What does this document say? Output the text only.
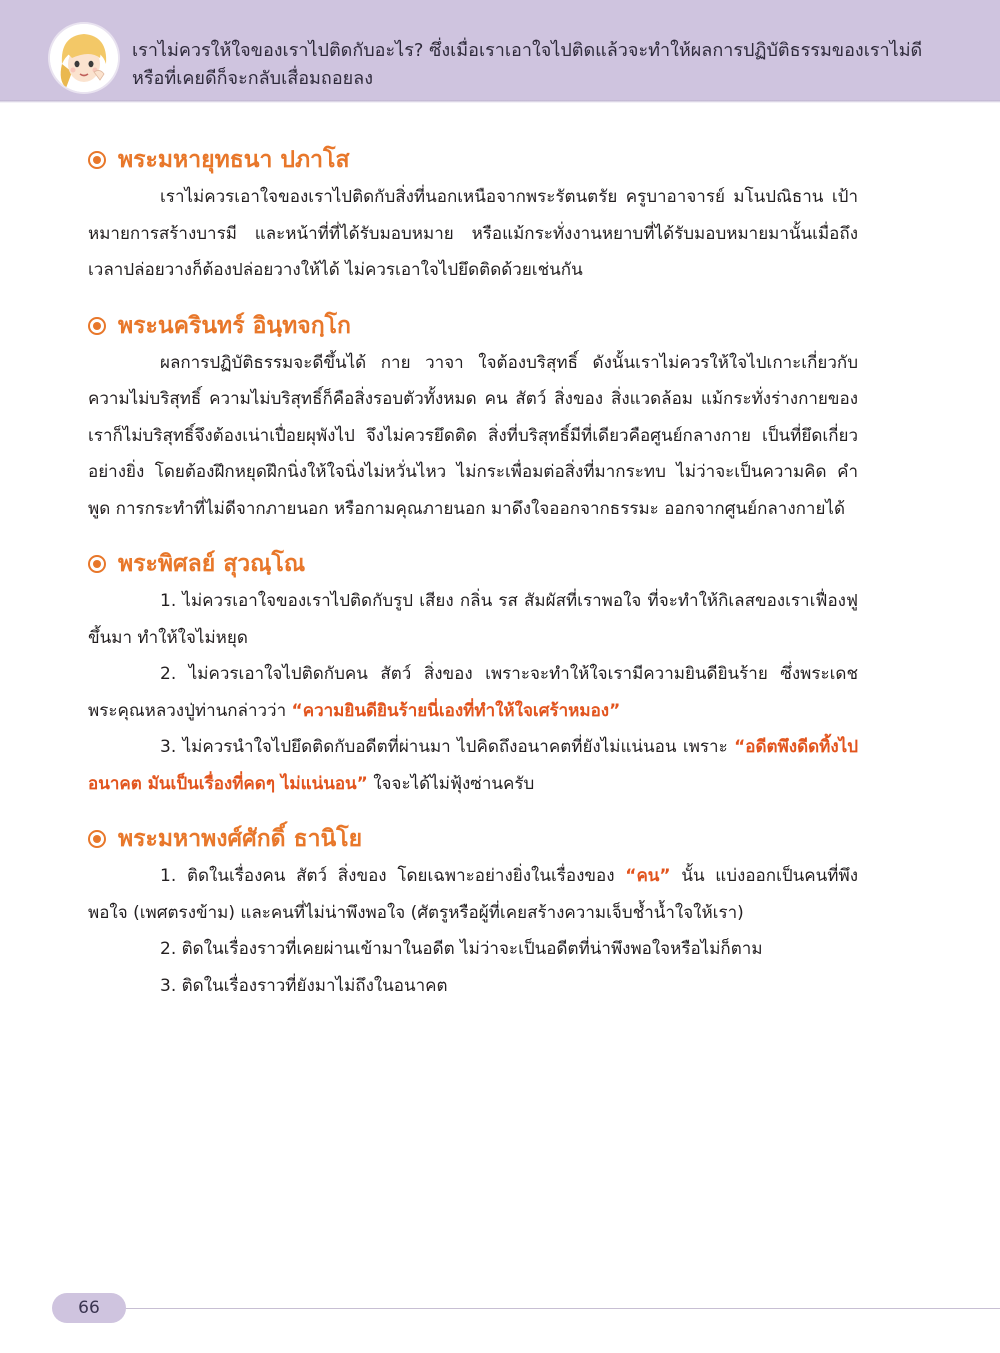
เราไม่ควรให้ใจของเราไปติดกับอะไร? ซึ่งเมื่อเราเอาใจไปติดแล้วจะทำให้ผลการปฏิบัติธรรมของเราไม่ดี
หรือที่เคยดีก็จะกลับเสื่อมถอยลง
พระมหายุทธนา ปภาโส

เราไม่ควรเอาใจของเราไปติดกับสิ่งที่นอกเหนือจากพระรัตนตรัย ครูบาอาจารย์ มโนปณิธาน เป้าหมายการสร้างบารมี และหน้าที่ที่ได้รับมอบหมาย หรือแม้กระทั่งงานหยาบที่ได้รับมอบหมายมานั้นเมื่อถึงเวลาปล่อยวางก็ต้องปล่อยวางให้ได้ ไม่ควรเอาใจไปยึดติดด้วยเช่นกัน

พระนครินทร์ อินฺทจกฺโก

ผลการปฏิบัติธรรมจะดีขึ้นได้ กาย วาจา ใจต้องบริสุทธิ์ ดังนั้นเราไม่ควรให้ใจไปเกาะเกี่ยวกับความไม่บริสุทธิ์ ความไม่บริสุทธิ์ก็คือสิ่งรอบตัวทั้งหมด คน สัตว์ สิ่งของ สิ่งแวดล้อม แม้กระทั่งร่างกายของเราก็ไม่บริสุทธิ์จึงต้องเน่าเปื่อยผุพังไป จึงไม่ควรยึดติด สิ่งที่บริสุทธิ์มีที่เดียวคือศูนย์กลางกาย เป็นที่ยึดเกี่ยวอย่างยิ่ง โดยต้องฝึกหยุดฝึกนิ่งให้ใจนิ่งไม่หวั่นไหว ไม่กระเพื่อมต่อสิ่งที่มากระทบ ไม่ว่าจะเป็นความคิด คำพูด การกระทำที่ไม่ดีจากภายนอก หรือกามคุณภายนอก มาดึงใจออกจากธรรมะ ออกจากศูนย์กลางกายได้

พระพิศลย์ สุวณฺโณ

1. ไม่ควรเอาใจของเราไปติดกับรูป เสียง กลิ่น รส สัมผัสที่เราพอใจ ที่จะทำให้กิเลสของเราเฟื่องฟูขึ้นมา ทำให้ใจไม่หยุด

2. ไม่ควรเอาใจไปติดกับคน สัตว์ สิ่งของ เพราะจะทำให้ใจเรามีความยินดียินร้าย ซึ่งพระเดชพระคุณหลวงปู่ท่านกล่าวว่า “ความยินดียินร้ายนี่เองที่ทำให้ใจเศร้าหมอง”

3. ไม่ควรนำใจไปยึดติดกับอดีตที่ผ่านมา ไปคิดถึงอนาคตที่ยังไม่แน่นอน เพราะ “อดีตพึงดีดทิ้งไป อนาคต มันเป็นเรื่องที่คดๆ ไม่แน่นอน” ใจจะได้ไม่ฟุ้งซ่านครับ

พระมหาพงศ์ศักดิ์ ธานิโย

1. ติดในเรื่องคน สัตว์ สิ่งของ โดยเฉพาะอย่างยิ่งในเรื่องของ “คน” นั้น แบ่งออกเป็นคนที่พึงพอใจ (เพศตรงข้าม) และคนที่ไม่น่าพึงพอใจ (ศัตรูหรือผู้ที่เคยสร้างความเจ็บช้ำน้ำใจให้เรา)

2. ติดในเรื่องราวที่เคยผ่านเข้ามาในอดีต ไม่ว่าจะเป็นอดีตที่น่าพึงพอใจหรือไม่ก็ตาม

3. ติดในเรื่องราวที่ยังมาไม่ถึงในอนาคต

66
